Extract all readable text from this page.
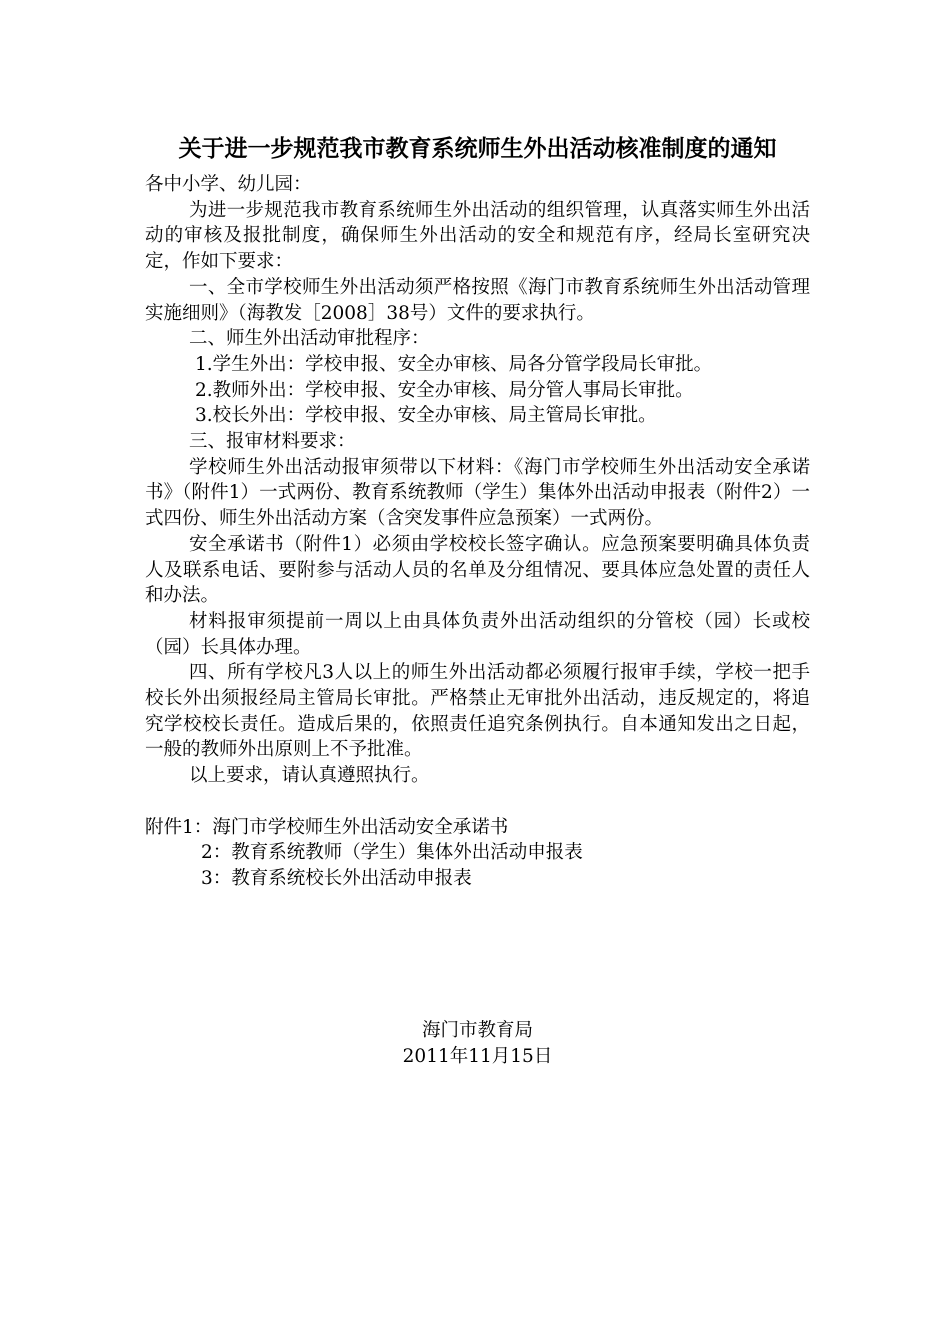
关于进一步规范我市教育系统师生外出活动核准制度的通知

各中小学、幼儿园：

为进一步规范我市教育系统师生外出活动的组织管理，认真落实师生外出活动的审核及报批制度，确保师生外出活动的安全和规范有序，经局长室研究决定，作如下要求：

一、全市学校师生外出活动须严格按照《海门市教育系统师生外出活动管理实施细则》（海教发［2008］38号）文件的要求执行。

二、师生外出活动审批程序：

1.学生外出：学校申报、安全办审核、局各分管学段局长审批。

2.教师外出：学校申报、安全办审核、局分管人事局长审批。

3.校长外出：学校申报、安全办审核、局主管局长审批。

三、报审材料要求：

学校师生外出活动报审须带以下材料：《海门市学校师生外出活动安全承诺书》（附件1）一式两份、教育系统教师（学生）集体外出活动申报表（附件2）一式四份、师生外出活动方案（含突发事件应急预案）一式两份。

安全承诺书（附件1）必须由学校校长签字确认。应急预案要明确具体负责人及联系电话、要附参与活动人员的名单及分组情况、要具体应急处置的责任人和办法。

材料报审须提前一周以上由具体负责外出活动组织的分管校（园）长或校（园）长具体办理。

四、所有学校凡3人以上的师生外出活动都必须履行报审手续，学校一把手校长外出须报经局主管局长审批。严格禁止无审批外出活动，违反规定的，将追究学校校长责任。造成后果的，依照责任追究条例执行。自本通知发出之日起，一般的教师外出原则上不予批准。

以上要求，请认真遵照执行。

附件1：海门市学校师生外出活动安全承诺书

2：教育系统教师（学生）集体外出活动申报表

3：教育系统校长外出活动申报表

海门市教育局
2011年11月15日
